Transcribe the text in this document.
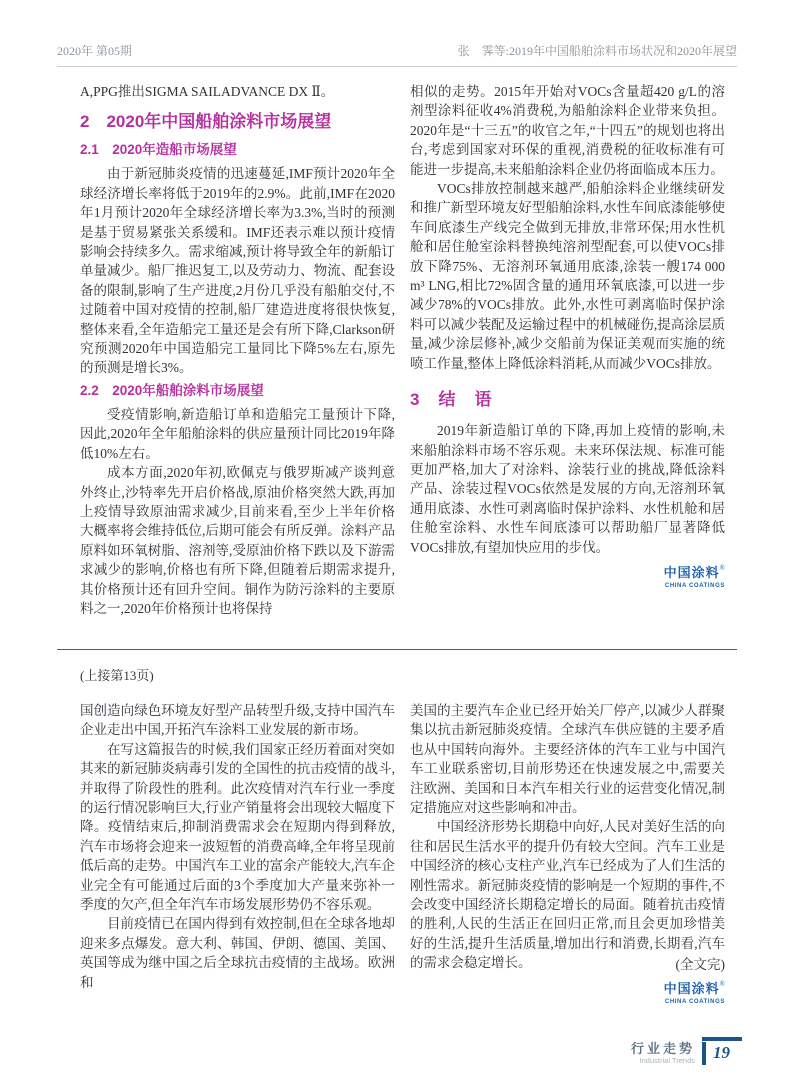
2020年 第05期	张　霁等:2019年中国船舶涂料市场状况和2020年展望
A,PPG推出SIGMA SAILADVANCE DX Ⅱ。
2　2020年中国船舶涂料市场展望
2.1　2020年造船市场展望

由于新冠肺炎疫情的迅速蔓延,IMF预计2020年全球经济增长率将低于2019年的2.9%。此前,IMF在2020年1月预计2020年全球经济增长率为3.3%,当时的预测是基于贸易紧张关系缓和。IMF还表示难以预计疫情影响会持续多久。需求缩减,预计将导致全年的新船订单量减少。船厂推迟复工,以及劳动力、物流、配套设备的限制,影响了生产进度,2月份几乎没有船舶交付,不过随着中国对疫情的控制,船厂建造进度将很快恢复,整体来看,全年造船完工量还是会有所下降,Clarkson研究预测2020年中国造船完工量同比下降5%左右,原先的预测是增长3%。

2.2　2020年船舶涂料市场展望

受疫情影响,新造船订单和造船完工量预计下降,因此,2020年全年船舶涂料的供应量预计同比2019年降低10%左右。

成本方面,2020年初,欧佩克与俄罗斯减产谈判意外终止,沙特率先开启价格战,原油价格突然大跌,再加上疫情导致原油需求减少,目前来看,至少上半年价格大概率将会维持低位,后期可能会有所反弹。涂料产品原料如环氧树脂、溶剂等,受原油价格下跌以及下游需求减少的影响,价格也有所下降,但随着后期需求提升,其价格预计还有回升空间。铜作为防污涂料的主要原料之一,2020年价格预计也将保持

相似的走势。2015年开始对VOCs含量超420 g/L的溶剂型涂料征收4%消费税,为船舶涂料企业带来负担。2020年是“十三五”的收官之年,“十四五”的规划也将出台,考虑到国家对环保的重视,消费税的征收标准有可能进一步提高,未来船舶涂料企业仍将面临成本压力。

VOCs排放控制越来越严,船舶涂料企业继续研发和推广新型环境友好型船舶涂料,水性车间底漆能够使车间底漆生产线完全做到无排放,非常环保;用水性机舱和居住舱室涂料替换纯溶剂型配套,可以使VOCs排放下降75%、无溶剂环氧通用底漆,涂装一艘174 000 m³ LNG,相比72%固含量的通用环氧底漆,可以进一步减少78%的VOCs排放。此外,水性可剥离临时保护涂料可以减少装配及运输过程中的机械碰伤,提高涂层质量,减少涂层修补,减少交船前为保证美观而实施的统喷工作量,整体上降低涂料消耗,从而减少VOCs排放。

3　结　语

2019年新造船订单的下降,再加上疫情的影响,未来船舶涂料市场不容乐观。未来环保法规、标准可能更加严格,加大了对涂料、涂装行业的挑战,降低涂料产品、涂装过程VOCs依然是发展的方向,无溶剂环氧通用底漆、水性可剥离临时保护涂料、水性机舱和居住舱室涂料、水性车间底漆可以帮助船厂显著降低VOCs排放,有望加快应用的步伐。

中国涂料®
CHINA COATINGS
(上接第13页)
国创造向绿色环境友好型产品转型升级,支持中国汽车企业走出中国,开拓汽车涂料工业发展的新市场。

在写这篇报告的时候,我们国家正经历着面对突如其来的新冠肺炎病毒引发的全国性的抗击疫情的战斗,并取得了阶段性的胜利。此次疫情对汽车行业一季度的运行情况影响巨大,行业产销量将会出现较大幅度下降。疫情结束后,抑制消费需求会在短期内得到释放,汽车市场将会迎来一波短暂的消费高峰,全年将呈现前低后高的走势。中国汽车工业的富余产能较大,汽车企业完全有可能通过后面的3个季度加大产量来弥补一季度的欠产,但全年汽车市场发展形势仍不容乐观。

目前疫情已在国内得到有效控制,但在全球各地却迎来多点爆发。意大利、韩国、伊朗、德国、美国、英国等成为继中国之后全球抗击疫情的主战场。欧洲和

美国的主要汽车企业已经开始关厂停产,以减少人群聚集以抗击新冠肺炎疫情。全球汽车供应链的主要矛盾也从中国转向海外。主要经济体的汽车工业与中国汽车工业联系密切,目前形势还在快速发展之中,需要关注欧洲、美国和日本汽车相关行业的运营变化情况,制定措施应对这些影响和冲击。

中国经济形势长期稳中向好,人民对美好生活的向往和居民生活水平的提升仍有较大空间。汽车工业是中国经济的核心支柱产业,汽车已经成为了人们生活的刚性需求。新冠肺炎疫情的影响是一个短期的事件,不会改变中国经济长期稳定增长的局面。随着抗击疫情的胜利,人民的生活正在回归正常,而且会更加珍惜美好的生活,提升生活质量,增加出行和消费,长期看,汽车的需求会稳定增长。	(全文完)
中国涂料®
CHINA COATINGS
行业走势
Industrial Trends	19
